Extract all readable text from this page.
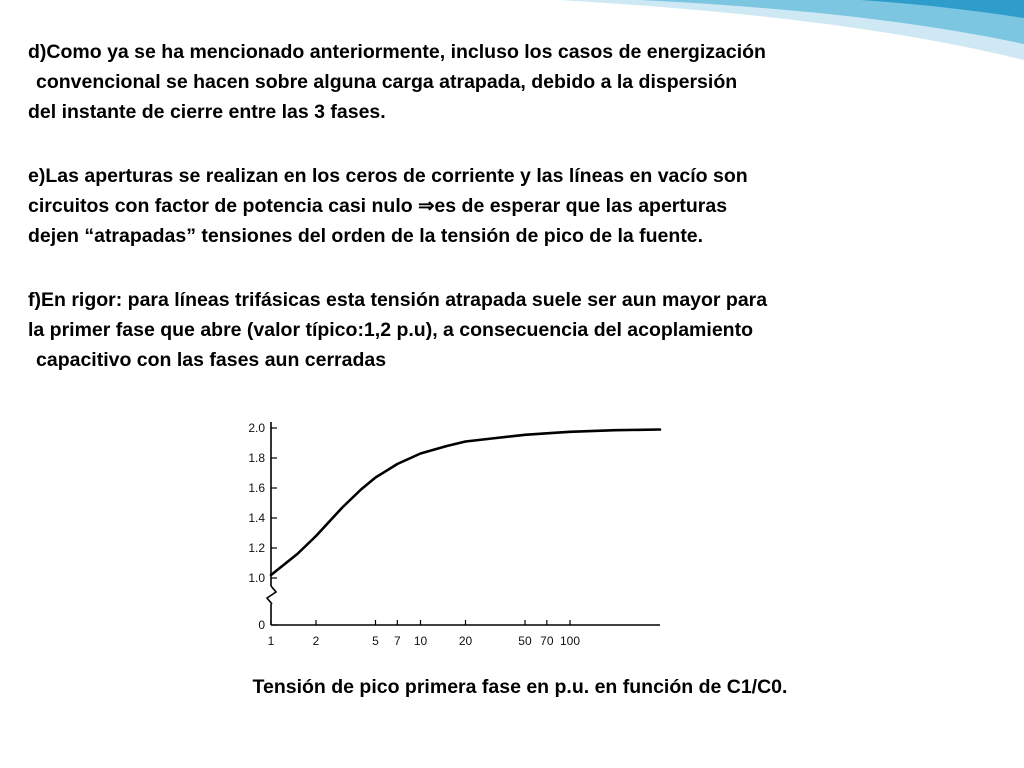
d)Como ya se ha mencionado anteriormente, incluso los casos de energización
convencional se hacen sobre alguna carga atrapada, debido a la dispersión
del instante de cierre entre las 3 fases.
e)Las aperturas se realizan en los ceros de corriente y las líneas en vacío son
circuitos con factor de potencia casi nulo ⇒es de esperar que las aperturas
dejen “atrapadas” tensiones del orden de la tensión de pico de la fuente.
f)En rigor: para líneas trifásicas esta tensión atrapada suele ser aun mayor para
la primer fase que abre (valor típico:1,2 p.u), a consecuencia del acoplamiento
capacitivo con las fases aun cerradas
0
1.0
1.2
1.4
1.6
1.8
2.0
1	2	5 7 10	20	50 70 100
Tensión de pico primera fase en p.u. en función de C1/C0.
